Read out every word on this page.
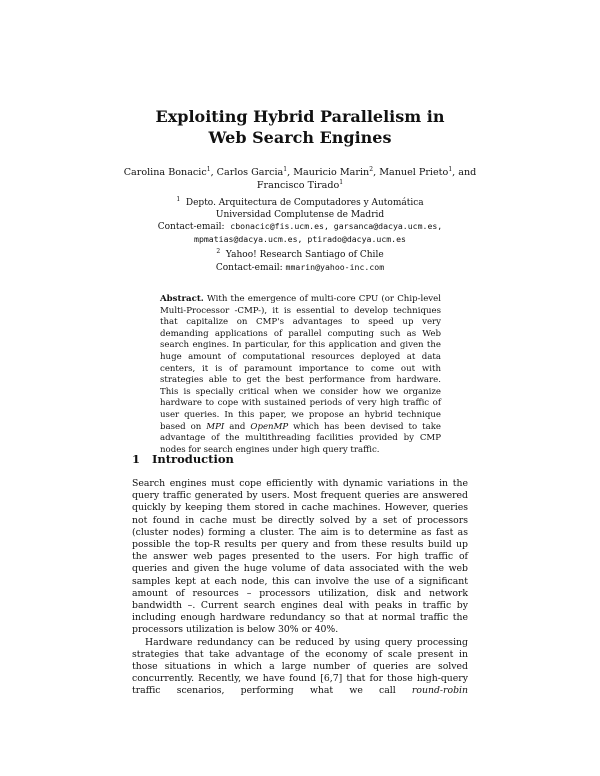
Exploiting Hybrid Parallelism in
Web Search Engines
Carolina Bonacic$^1$, Carlos Garcia$^1$, Mauricio Marin$^2$, Manuel Prieto$^1$, and
Francisco Tirado$^1$
$^1$ Depto. Arquitectura de Computadores y Automática
Universidad Complutense de Madrid
Contact-email: cbonacic@fis.ucm.es, garsanca@dacya.ucm.es,
mpmatias@dacya.ucm.es, ptirado@dacya.ucm.es
$^2$ Yahoo! Research Santiago of Chile
Contact-email: mmarin@yahoo-inc.com
Abstract. With the emergence of multi-core CPU (or Chip-level Multi-Processor -CMP-), it is essential to develop techniques that capitalize on CMP's advantages to speed up very demanding applications of parallel computing such as Web search engines. In particular, for this application and given the huge amount of computational resources deployed at data centers, it is of paramount importance to come out with strategies able to get the best performance from hardware. This is specially critical when we consider how we organize hardware to cope with sustained periods of very high traffic of user queries. In this paper, we propose an hybrid technique based on MPI and OpenMP which has been devised to take advantage of the multithreading facilities provided by CMP nodes for search engines under high query traffic.
1 Introduction

Search engines must cope efficiently with dynamic variations in the query traffic generated by users. Most frequent queries are answered quickly by keeping them stored in cache machines. However, queries not found in cache must be directly solved by a set of processors (cluster nodes) forming a cluster. The aim is to determine as fast as possible the top-R results per query and from these results build up the answer web pages presented to the users. For high traffic of queries and given the huge volume of data associated with the web samples kept at each node, this can involve the use of a significant amount of resources – processors utilization, disk and network bandwidth –. Current search engines deal with peaks in traffic by including enough hardware redundancy so that at normal traffic the processors utilization is below 30% or 40%.

Hardware redundancy can be reduced by using query processing strategies that take advantage of the economy of scale present in those situations in which a large number of queries are solved concurrently. Recently, we have found [6,7] that for those high-query traffic scenarios, performing what we call round-robin
